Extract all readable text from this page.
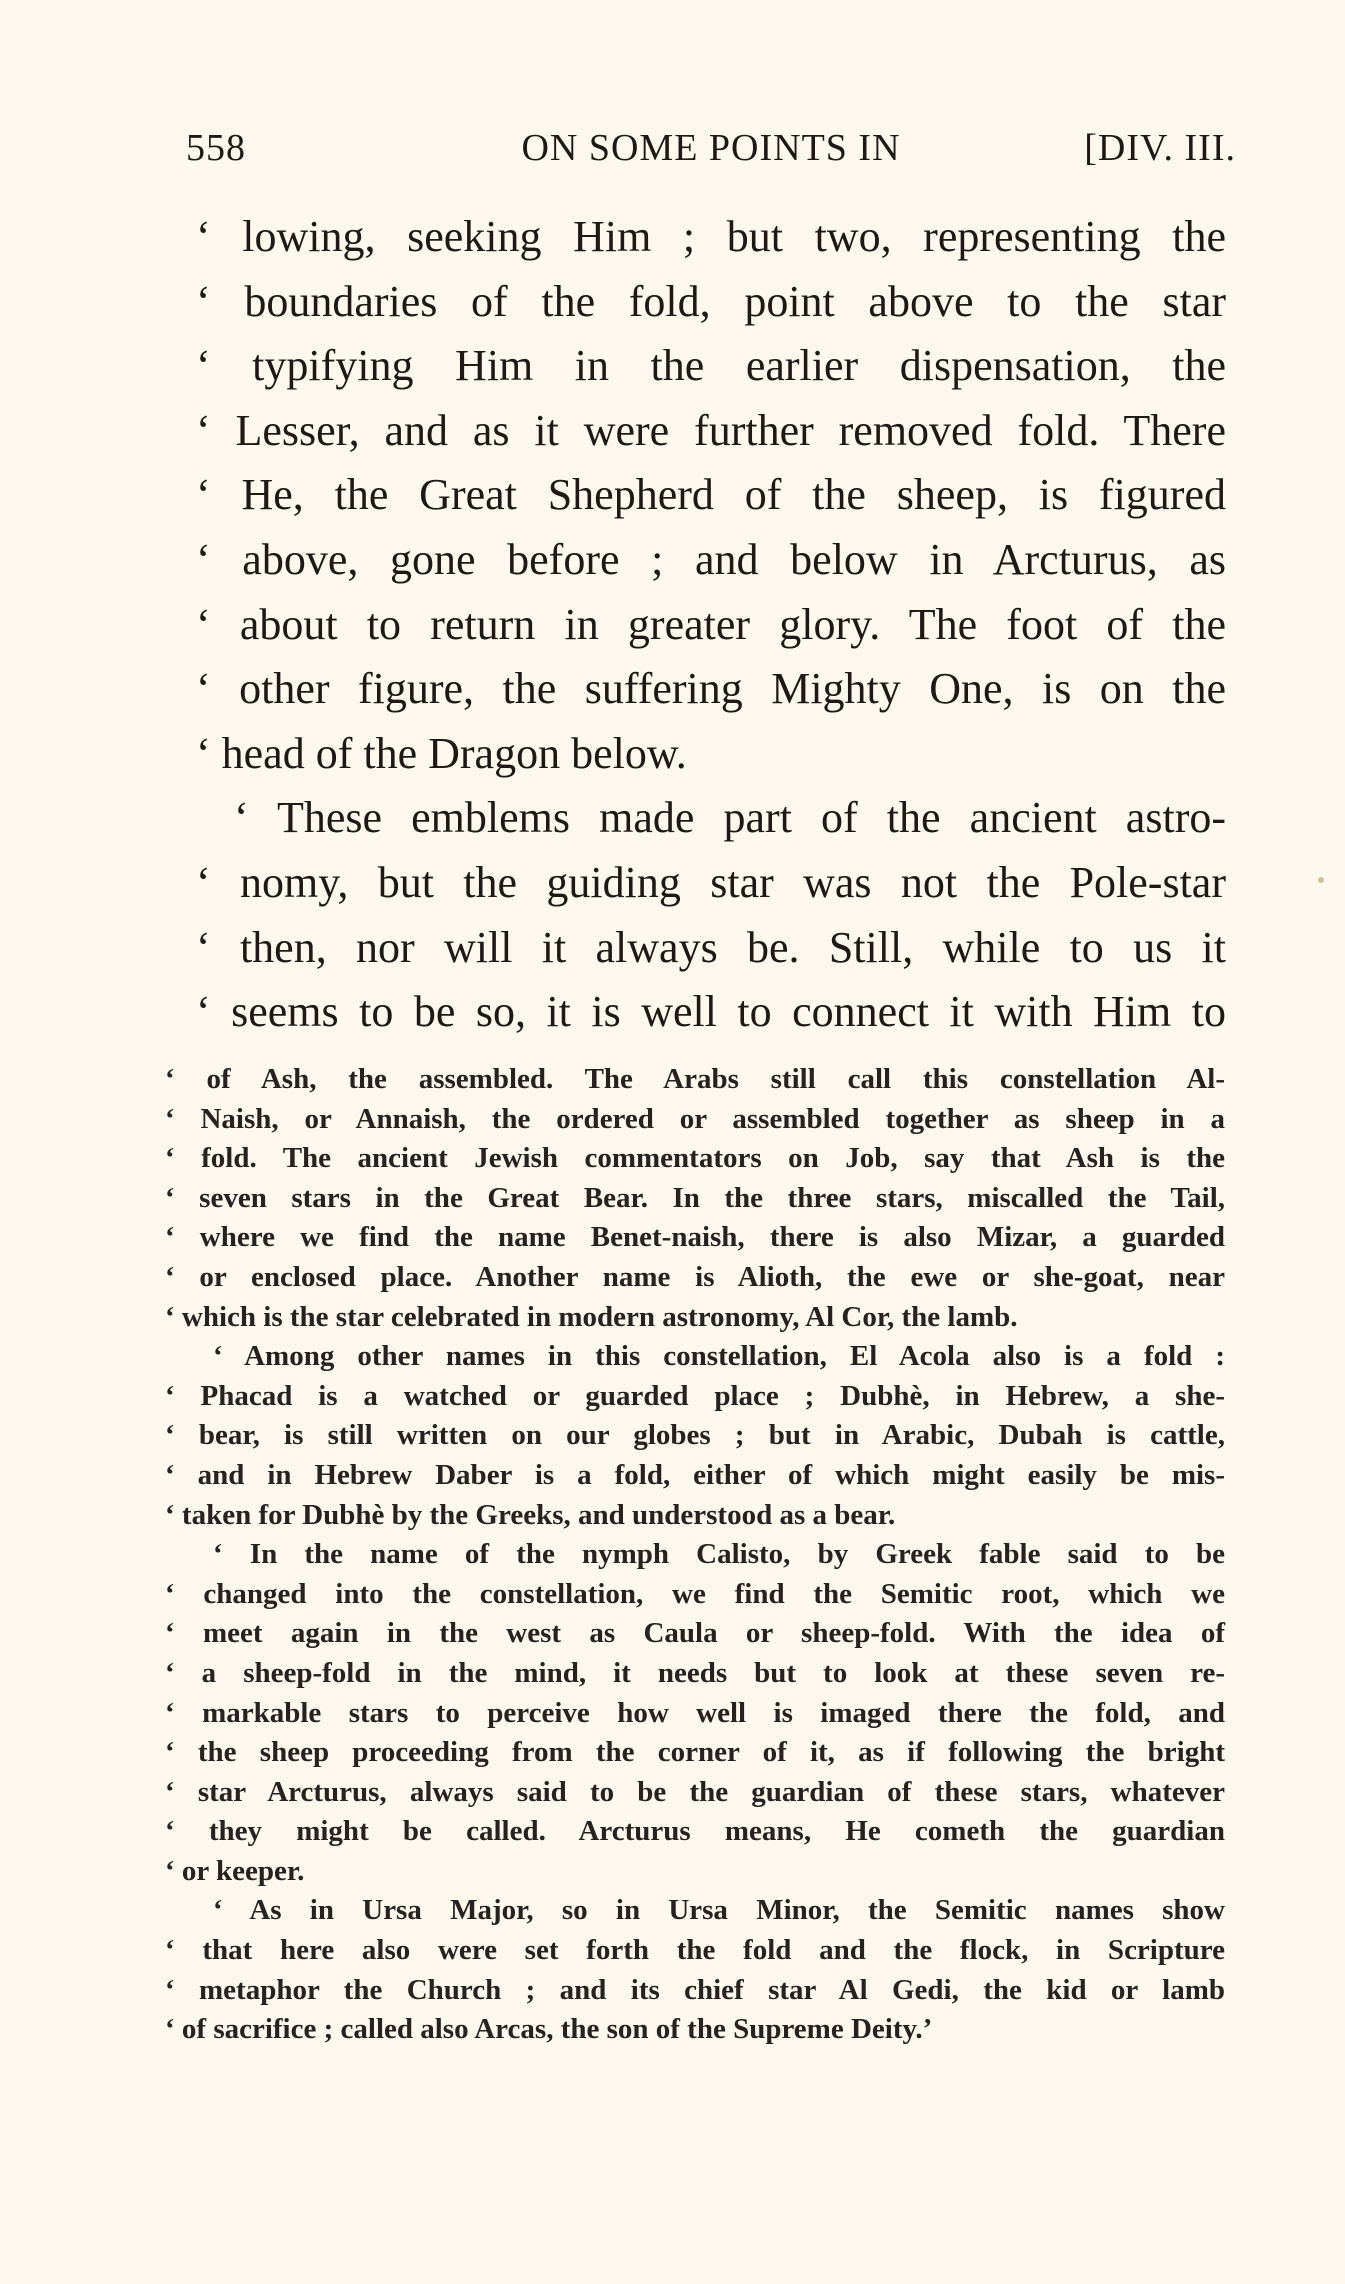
558	ON SOME POINTS IN	[DIV. III.
‘ lowing, seeking Him ; but two, representing the
‘ boundaries of the fold, point above to the star
‘ typifying Him in the earlier dispensation, the
‘ Lesser, and as it were further removed fold. There
‘ He, the Great Shepherd of the sheep, is figured
‘ above, gone before ; and below in Arcturus, as
‘ about to return in greater glory. The foot of the
‘ other figure, the suffering Mighty One, is on the
‘ head of the Dragon below.
‘ These emblems made part of the ancient astro-
‘ nomy, but the guiding star was not the Pole-star
‘ then, nor will it always be. Still, while to us it
‘ seems to be so, it is well to connect it with Him to
‘ of Ash, the assembled. The Arabs still call this constellation Al-
‘ Naish, or Annaish, the ordered or assembled together as sheep in a
‘ fold. The ancient Jewish commentators on Job, say that Ash is the
‘ seven stars in the Great Bear. In the three stars, miscalled the Tail,
‘ where we find the name Benet-naish, there is also Mizar, a guarded
‘ or enclosed place. Another name is Alioth, the ewe or she-goat, near
‘ which is the star celebrated in modern astronomy, Al Cor, the lamb.
‘ Among other names in this constellation, El Acola also is a fold :
‘ Phacad is a watched or guarded place ; Dubhè, in Hebrew, a she-
‘ bear, is still written on our globes ; but in Arabic, Dubah is cattle,
‘ and in Hebrew Daber is a fold, either of which might easily be mis-
‘ taken for Dubhè by the Greeks, and understood as a bear.
‘ In the name of the nymph Calisto, by Greek fable said to be
‘ changed into the constellation, we find the Semitic root, which we
‘ meet again in the west as Caula or sheep-fold. With the idea of
‘ a sheep-fold in the mind, it needs but to look at these seven re-
‘ markable stars to perceive how well is imaged there the fold, and
‘ the sheep proceeding from the corner of it, as if following the bright
‘ star Arcturus, always said to be the guardian of these stars, whatever
‘ they might be called. Arcturus means, He cometh the guardian
‘ or keeper.
‘ As in Ursa Major, so in Ursa Minor, the Semitic names show
‘ that here also were set forth the fold and the flock, in Scripture
‘ metaphor the Church ; and its chief star Al Gedi, the kid or lamb
‘ of sacrifice ; called also Arcas, the son of the Supreme Deity.’
